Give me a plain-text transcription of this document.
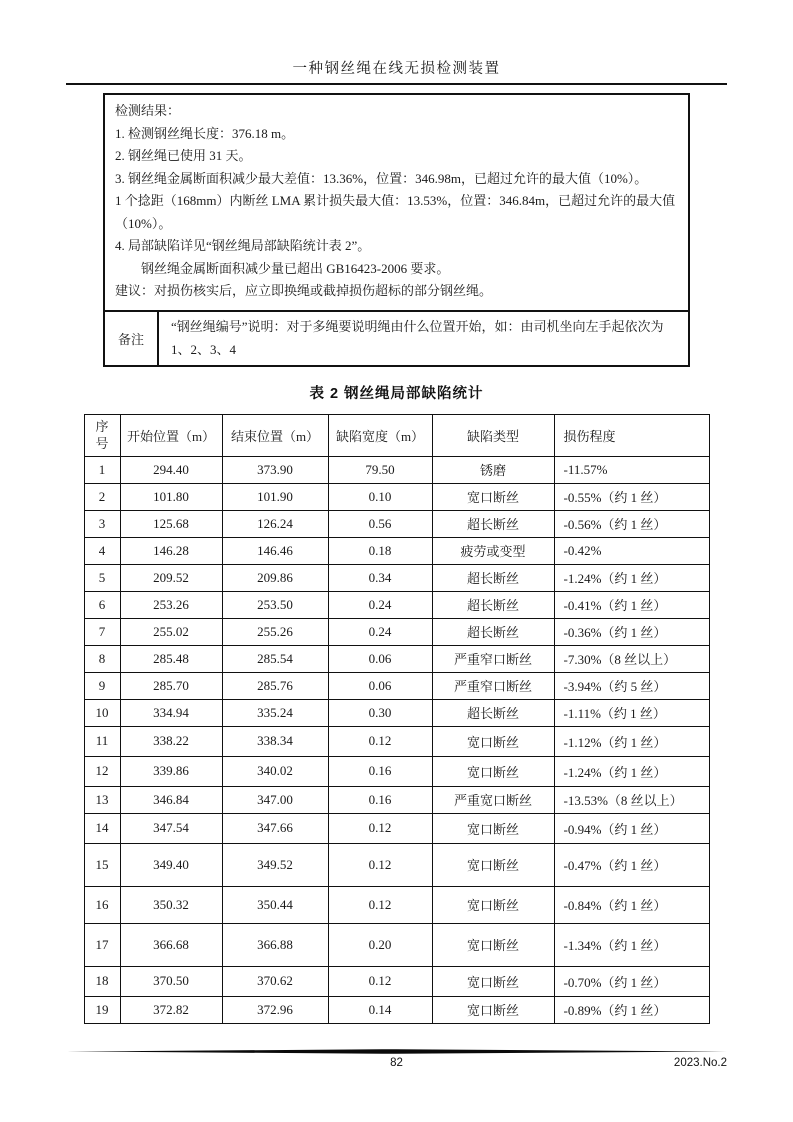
一种钢丝绳在线无损检测装置

检测结果：

1. 检测钢丝绳长度：376.18 m。

2. 钢丝绳已使用 31 天。

3. 钢丝绳金属断面积减少最大差值：13.36%，位置：346.98m，已超过允许的最大值（10%）。

1 个捻距（168mm）内断丝 LMA 累计损失最大值：13.53%，位置：346.84m，已超过允许的最大值（10%）。

4. 局部缺陷详见“钢丝绳局部缺陷统计表 2”。

　　钢丝绳金属断面积减少量已超出 GB16423-2006 要求。

建议：对损伤核实后，应立即换绳或截掉损伤超标的部分钢丝绳。

备注	“钢丝绳编号”说明：对于多绳要说明绳由什么位置开始，如：由司机坐向左手起依次为 1、2、3、4
表 2 钢丝绳局部缺陷统计
序号	开始位置（m）	结束位置（m）	缺陷宽度（m）	缺陷类型	损伤程度
1	294.40	373.90	79.50	锈磨	-11.57%
2	101.80	101.90	0.10	宽口断丝	-0.55%（约 1 丝）
3	125.68	126.24	0.56	超长断丝	-0.56%（约 1 丝）
4	146.28	146.46	0.18	疲劳或变型	-0.42%
5	209.52	209.86	0.34	超长断丝	-1.24%（约 1 丝）
6	253.26	253.50	0.24	超长断丝	-0.41%（约 1 丝）
7	255.02	255.26	0.24	超长断丝	-0.36%（约 1 丝）
8	285.48	285.54	0.06	严重窄口断丝	-7.30%（8 丝以上）
9	285.70	285.76	0.06	严重窄口断丝	-3.94%（约 5 丝）
10	334.94	335.24	0.30	超长断丝	-1.11%（约 1 丝）
11	338.22	338.34	0.12	宽口断丝	-1.12%（约 1 丝）
12	339.86	340.02	0.16	宽口断丝	-1.24%（约 1 丝）
13	346.84	347.00	0.16	严重宽口断丝	-13.53%（8 丝以上）
14	347.54	347.66	0.12	宽口断丝	-0.94%（约 1 丝）
15	349.40	349.52	0.12	宽口断丝	-0.47%（约 1 丝）
16	350.32	350.44	0.12	宽口断丝	-0.84%（约 1 丝）
17	366.68	366.88	0.20	宽口断丝	-1.34%（约 1 丝）
18	370.50	370.62	0.12	宽口断丝	-0.70%（约 1 丝）
19	372.82	372.96	0.14	宽口断丝	-0.89%（约 1 丝）
82	2023.No.2
